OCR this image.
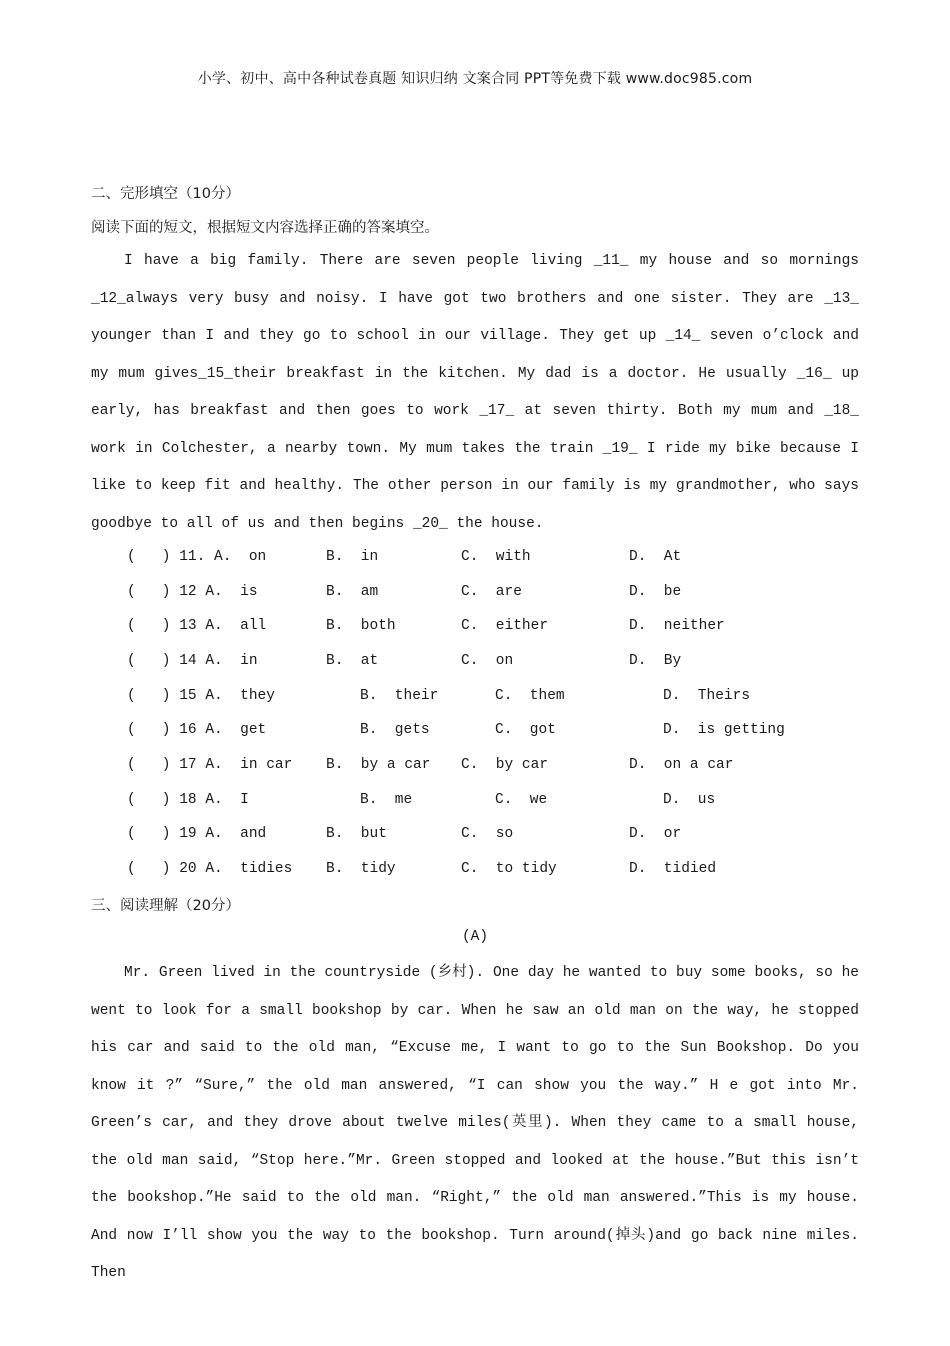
小学、初中、高中各种试卷真题 知识归纳 文案合同 PPT等免费下载 www.doc985.com
二、完形填空（10分）
阅读下面的短文，根据短文内容选择正确的答案填空。

I have a big family. There are seven people living _11_ my house and so mornings _12_always very busy and noisy. I have got two brothers and one sister. They are _13_ younger than I and they go to school in our village. They get up _14_ seven o’clock and my mum gives_15_their breakfast in the kitchen. My dad is a doctor. He usually _16_ up early, has breakfast and then goes to work _17_ at seven thirty. Both my mum and _18_ work in Colchester, a nearby town. My mum takes the train _19_ I ride my bike because I like to keep fit and healthy. The other person in our family is my grandmother, who says goodbye to all of us and then begins _20_ the house.

(   ) 11. A.  on	B.  in	C.  with	D.  At
(   ) 12 A.  is	B.  am	C.  are	D.  be
(   ) 13 A.  all	B.  both	C.  either	D.  neither
(   ) 14 A.  in	B.  at	C.  on	D.  By
(   ) 15 A.  they	B.  their	C.  them	D.  Theirs
(   ) 16 A.  get	B.  gets	C.  got	D.  is getting
(   ) 17 A.  in car B.  by a car C.  by car	D.  on a car
(   ) 18 A.  I	B.  me	C.  we	D.  us
(   ) 19 A.  and	B.  but	C.  so	D.  or
(   ) 20 A.  tidies B.  tidy	C.  to tidy	D.  tidied
三、阅读理解（20分）
(A)

Mr. Green lived in the countryside (乡村). One day he wanted to buy some books, so he went to look for a small bookshop by car. When he saw an old man on the way, he stopped his car and said to the old man, “Excuse me, I want to go to the Sun Bookshop. Do you know it ?” “Sure,” the old man answered, “I can show you the way.” H e got into Mr. Green’s car, and they drove about twelve miles(英里). When they came to a small house, the old man said, “Stop here.”Mr. Green stopped and looked at the house.”But this isn’t the bookshop.”He said to the old man. “Right,” the old man answered.”This is my house. And now I’ll show you the way to the bookshop. Turn around(掉头)and go back nine miles. Then
